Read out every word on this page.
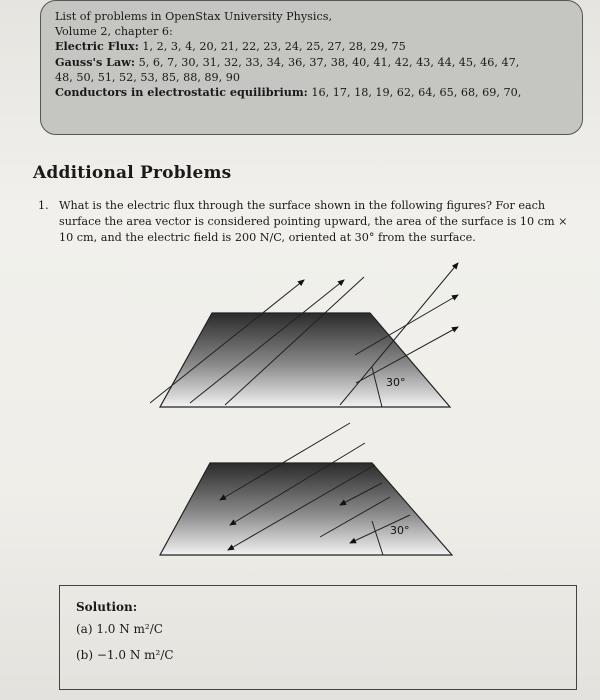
List of problems in OpenStax University Physics,
Volume 2, chapter 6:
Electric Flux: 1, 2, 3, 4, 20, 21, 22, 23, 24, 25, 27, 28, 29, 75
Gauss's Law: 5, 6, 7, 30, 31, 32, 33, 34, 36, 37, 38, 40, 41, 42, 43, 44, 45, 46, 47,
48, 50, 51, 52, 53, 85, 88, 89, 90
Conductors in electrostatic equilibrium: 16, 17, 18, 19, 62, 64, 65, 68, 69, 70,
Additional Problems
1. What is the electric flux through the surface shown in the following figures? For each surface the area vector is considered pointing upward, the area of the surface is 10 cm × 10 cm, and the electric field is 200 N/C, oriented at 30° from the surface.
30°
30°
Solution:
(a) 1.0 N m²/C
(b) −1.0 N m²/C
